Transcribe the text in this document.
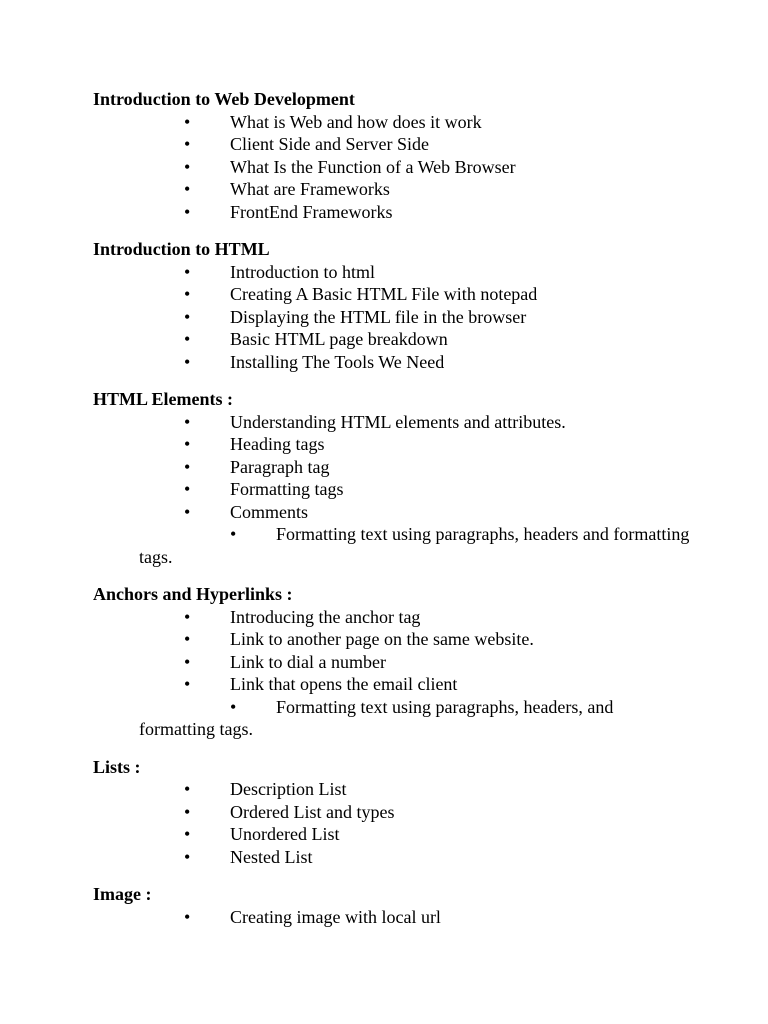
Introduction to Web Development
• What is Web and how does it work
• Client Side and Server Side
• What Is the Function of a Web Browser
• What are Frameworks
• FrontEnd Frameworks
Introduction to HTML
• Introduction to html
• Creating A Basic HTML File with notepad
• Displaying the HTML file in the browser
• Basic HTML page breakdown
• Installing The Tools We Need
HTML Elements :
• Understanding HTML elements and attributes.
• Heading tags
• Paragraph tag
• Formatting tags
• Comments
• Formatting text using paragraphs, headers and formatting tags.
Anchors and Hyperlinks :
• Introducing the anchor tag
• Link to another page on the same website.
• Link to dial a number
• Link that opens the email client
• Formatting text using paragraphs, headers, and formatting tags.
Lists :
• Description List
• Ordered List and types
• Unordered List
• Nested List
Image :
• Creating image with local url
